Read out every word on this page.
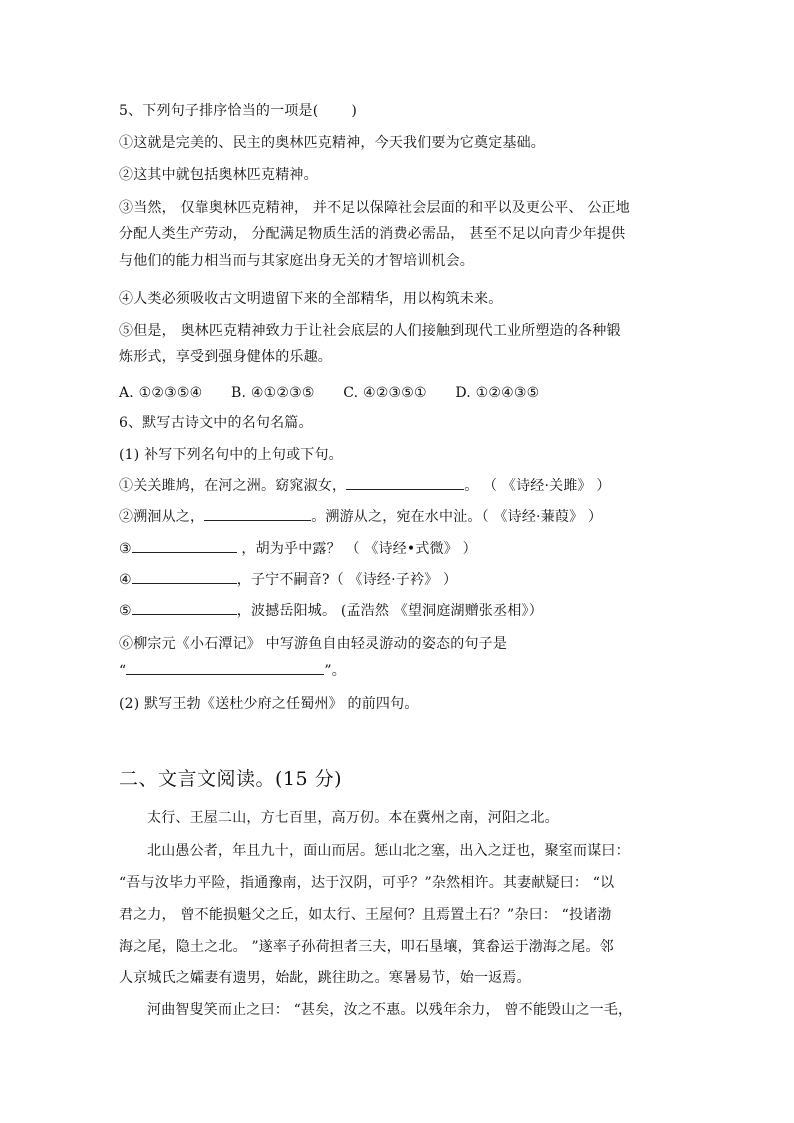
5、下列句子排序恰当的一项是(　　 )
①这就是完美的、民主的奥林匹克精神，今天我们要为它奠定基础。
②这其中就包括奥林匹克精神。
③当然， 仅靠奥林匹克精神， 并不足以保障社会层面的和平以及更公平、 公正地
分配人类生产劳动， 分配满足物质生活的消费必需品， 甚至不足以向青少年提供
与他们的能力相当而与其家庭出身无关的才智培训机会。
④人类必须吸收古文明遗留下来的全部精华，用以构筑未来。
⑤但是， 奥林匹克精神致力于让社会底层的人们接触到现代工业所塑造的各种锻
炼形式，享受到强身健体的乐趣。
A. ①②③⑤④ B. ④①②③⑤ C. ④②③⑤① D. ①②④③⑤
6、默写古诗文中的名句名篇。
(1) 补写下列名句中的上句或下句。
①关关雎鸠，在河之洲。窈窕淑女，	。 （ 《诗经·关雎》 ）
②溯洄从之，	。溯游从之，宛在水中沚。（ 《诗经·蒹葭》 ）
③	，胡为乎中露？ （ 《诗经•式微》 ）
④	，子宁不嗣音?（ 《诗经·子衿》 ）
⑤	，波撼岳阳城。 (孟浩然 《望洞庭湖赠张丞相》）
⑥柳宗元《小石潭记》 中写游鱼自由轻灵游动的姿态的句子是
“	”。
(2) 默写王勃《送杜少府之任蜀州》 的前四句。
二、文言文阅读。(15 分)
太行、王屋二山，方七百里，高万仞。本在冀州之南，河阳之北。
北山愚公者，年且九十，面山而居。惩山北之塞，出入之迂也，聚室而谋曰：
“吾与汝毕力平险，指通豫南，达于汉阴，可乎？”杂然相许。其妻献疑曰： “以
君之力， 曾不能损魁父之丘，如太行、王屋何？且焉置土石？”杂曰： “投诸渤
海之尾，隐土之北。 ”遂率子孙荷担者三夫，叩石垦壤，箕畚运于渤海之尾。邻
人京城氏之孀妻有遗男，始龀，跳往助之。寒暑易节，始一返焉。
河曲智叟笑而止之曰： “甚矣，汝之不惠。以残年余力， 曾不能毁山之一毛，
